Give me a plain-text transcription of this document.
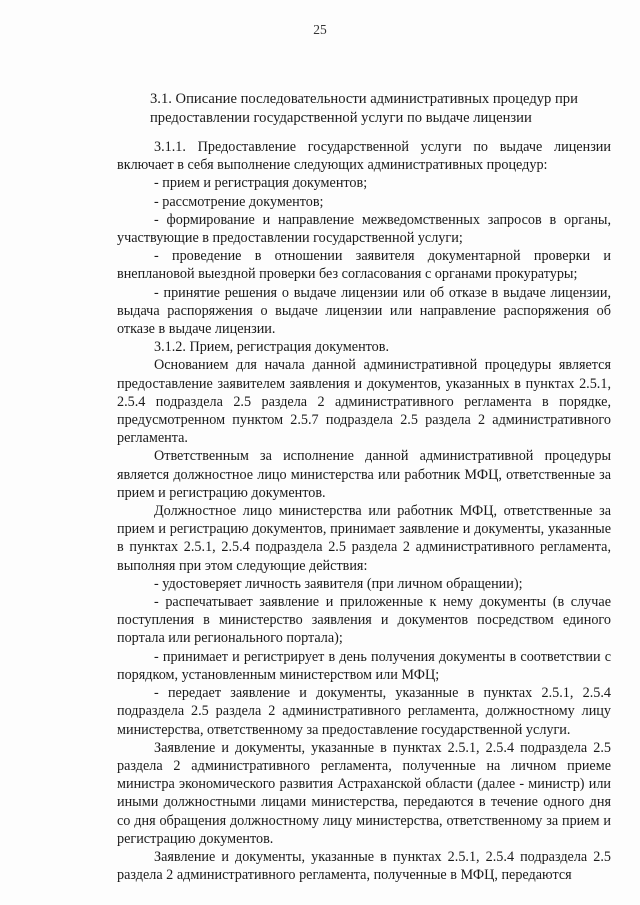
25
3.1. Описание последовательности административных процедур при предоставлении государственной услуги по выдаче лицензии

3.1.1. Предоставление государственной услуги по выдаче лицензии включает в себя выполнение следующих административных процедур:

- прием и регистрация документов;

- рассмотрение документов;

- формирование и направление межведомственных запросов в органы, участвующие в предоставлении государственной услуги;

- проведение в отношении заявителя документарной проверки и внеплановой выездной проверки без согласования с органами прокуратуры;

- принятие решения о выдаче лицензии или об отказе в выдаче лицензии, выдача распоряжения о выдаче лицензии или направление распоряжения об отказе в выдаче лицензии.

3.1.2. Прием, регистрация документов.

Основанием для начала данной административной процедуры является предоставление заявителем заявления и документов, указанных в пунктах 2.5.1, 2.5.4 подраздела 2.5 раздела 2 административного регламента в порядке, предусмотренном пунктом 2.5.7 подраздела 2.5 раздела 2 административного регламента.

Ответственным за исполнение данной административной процедуры является должностное лицо министерства или работник МФЦ, ответственные за прием и регистрацию документов.

Должностное лицо министерства или работник МФЦ, ответственные за прием и регистрацию документов, принимает заявление и документы, указанные в пунктах 2.5.1, 2.5.4 подраздела 2.5 раздела 2 административного регламента, выполняя при этом следующие действия:

- удостоверяет личность заявителя (при личном обращении);

- распечатывает заявление и приложенные к нему документы (в случае поступления в министерство заявления и документов посредством единого портала или регионального портала);

- принимает и регистрирует в день получения документы в соответствии с порядком, установленным министерством или МФЦ;

- передает заявление и документы, указанные в пунктах 2.5.1, 2.5.4 подраздела 2.5 раздела 2 административного регламента, должностному лицу министерства, ответственному за предоставление государственной услуги.

Заявление и документы, указанные в пунктах 2.5.1, 2.5.4 подраздела 2.5 раздела 2 административного регламента, полученные на личном приеме министра экономического развития Астраханской области (далее - министр) или иными должностными лицами министерства, передаются в течение одного дня со дня обращения должностному лицу министерства, ответственному за прием и регистрацию документов.

Заявление и документы, указанные в пунктах 2.5.1, 2.5.4 подраздела 2.5 раздела 2 административного регламента, полученные в МФЦ, передаются
